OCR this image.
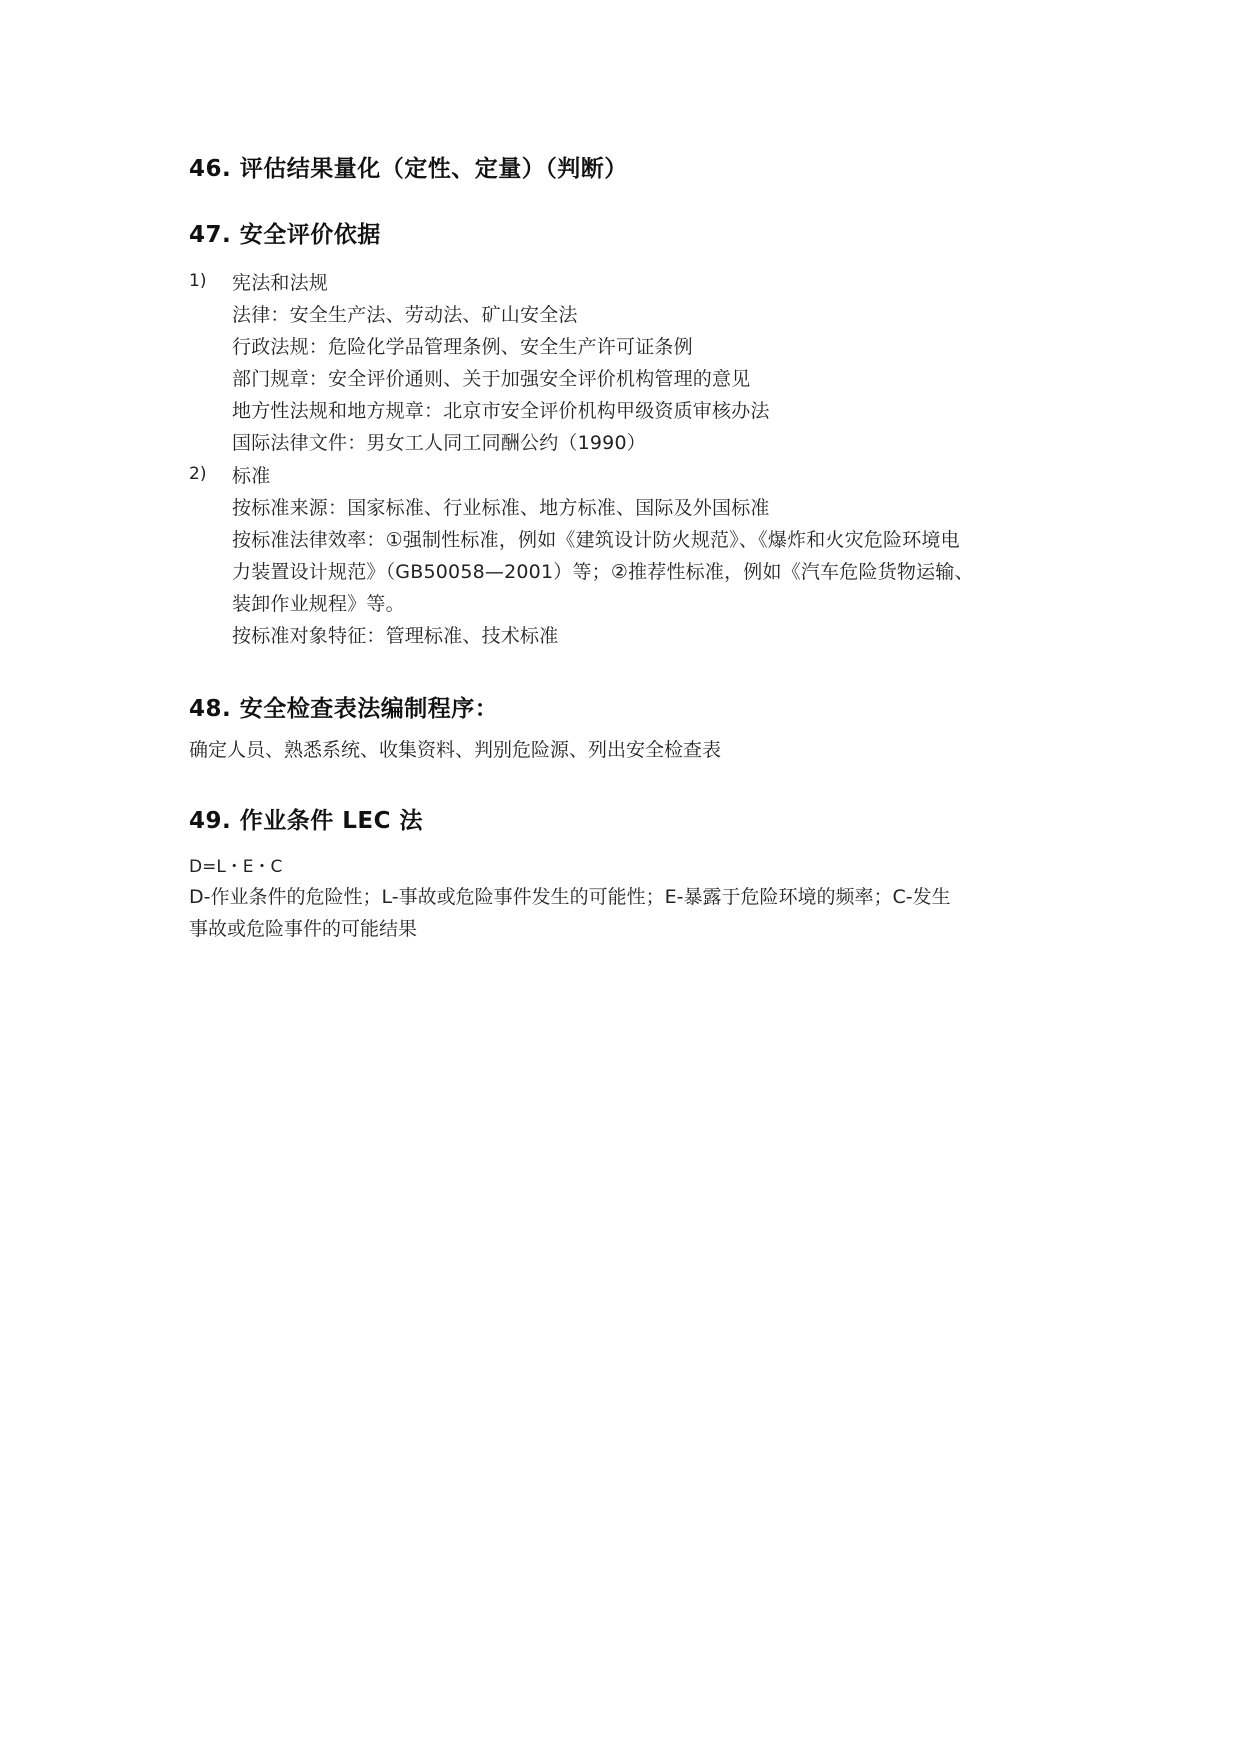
46. 评估结果量化（定性、定量）（判断）
47. 安全评价依据
1) 宪法和法规
法律：安全生产法、劳动法、矿山安全法
行政法规：危险化学品管理条例、安全生产许可证条例
部门规章：安全评价通则、关于加强安全评价机构管理的意见
地方性法规和地方规章：北京市安全评价机构甲级资质审核办法
国际法律文件：男女工人同工同酬公约（1990）
2) 标准
按标准来源：国家标准、行业标准、地方标准、国际及外国标准
按标准法律效率：①强制性标准，例如《建筑设计防火规范》、《爆炸和火灾危险环境电
力装置设计规范》（GB50058—2001）等；②推荐性标准，例如《汽车危险货物运输、
装卸作业规程》等。
按标准对象特征：管理标准、技术标准
48. 安全检查表法编制程序：
确定人员、熟悉系统、收集资料、判别危险源、列出安全检查表
49. 作业条件 LEC 法
D=L・E・C
D-作业条件的危险性；L-事故或危险事件发生的可能性；E-暴露于危险环境的频率；C-发生
事故或危险事件的可能结果
